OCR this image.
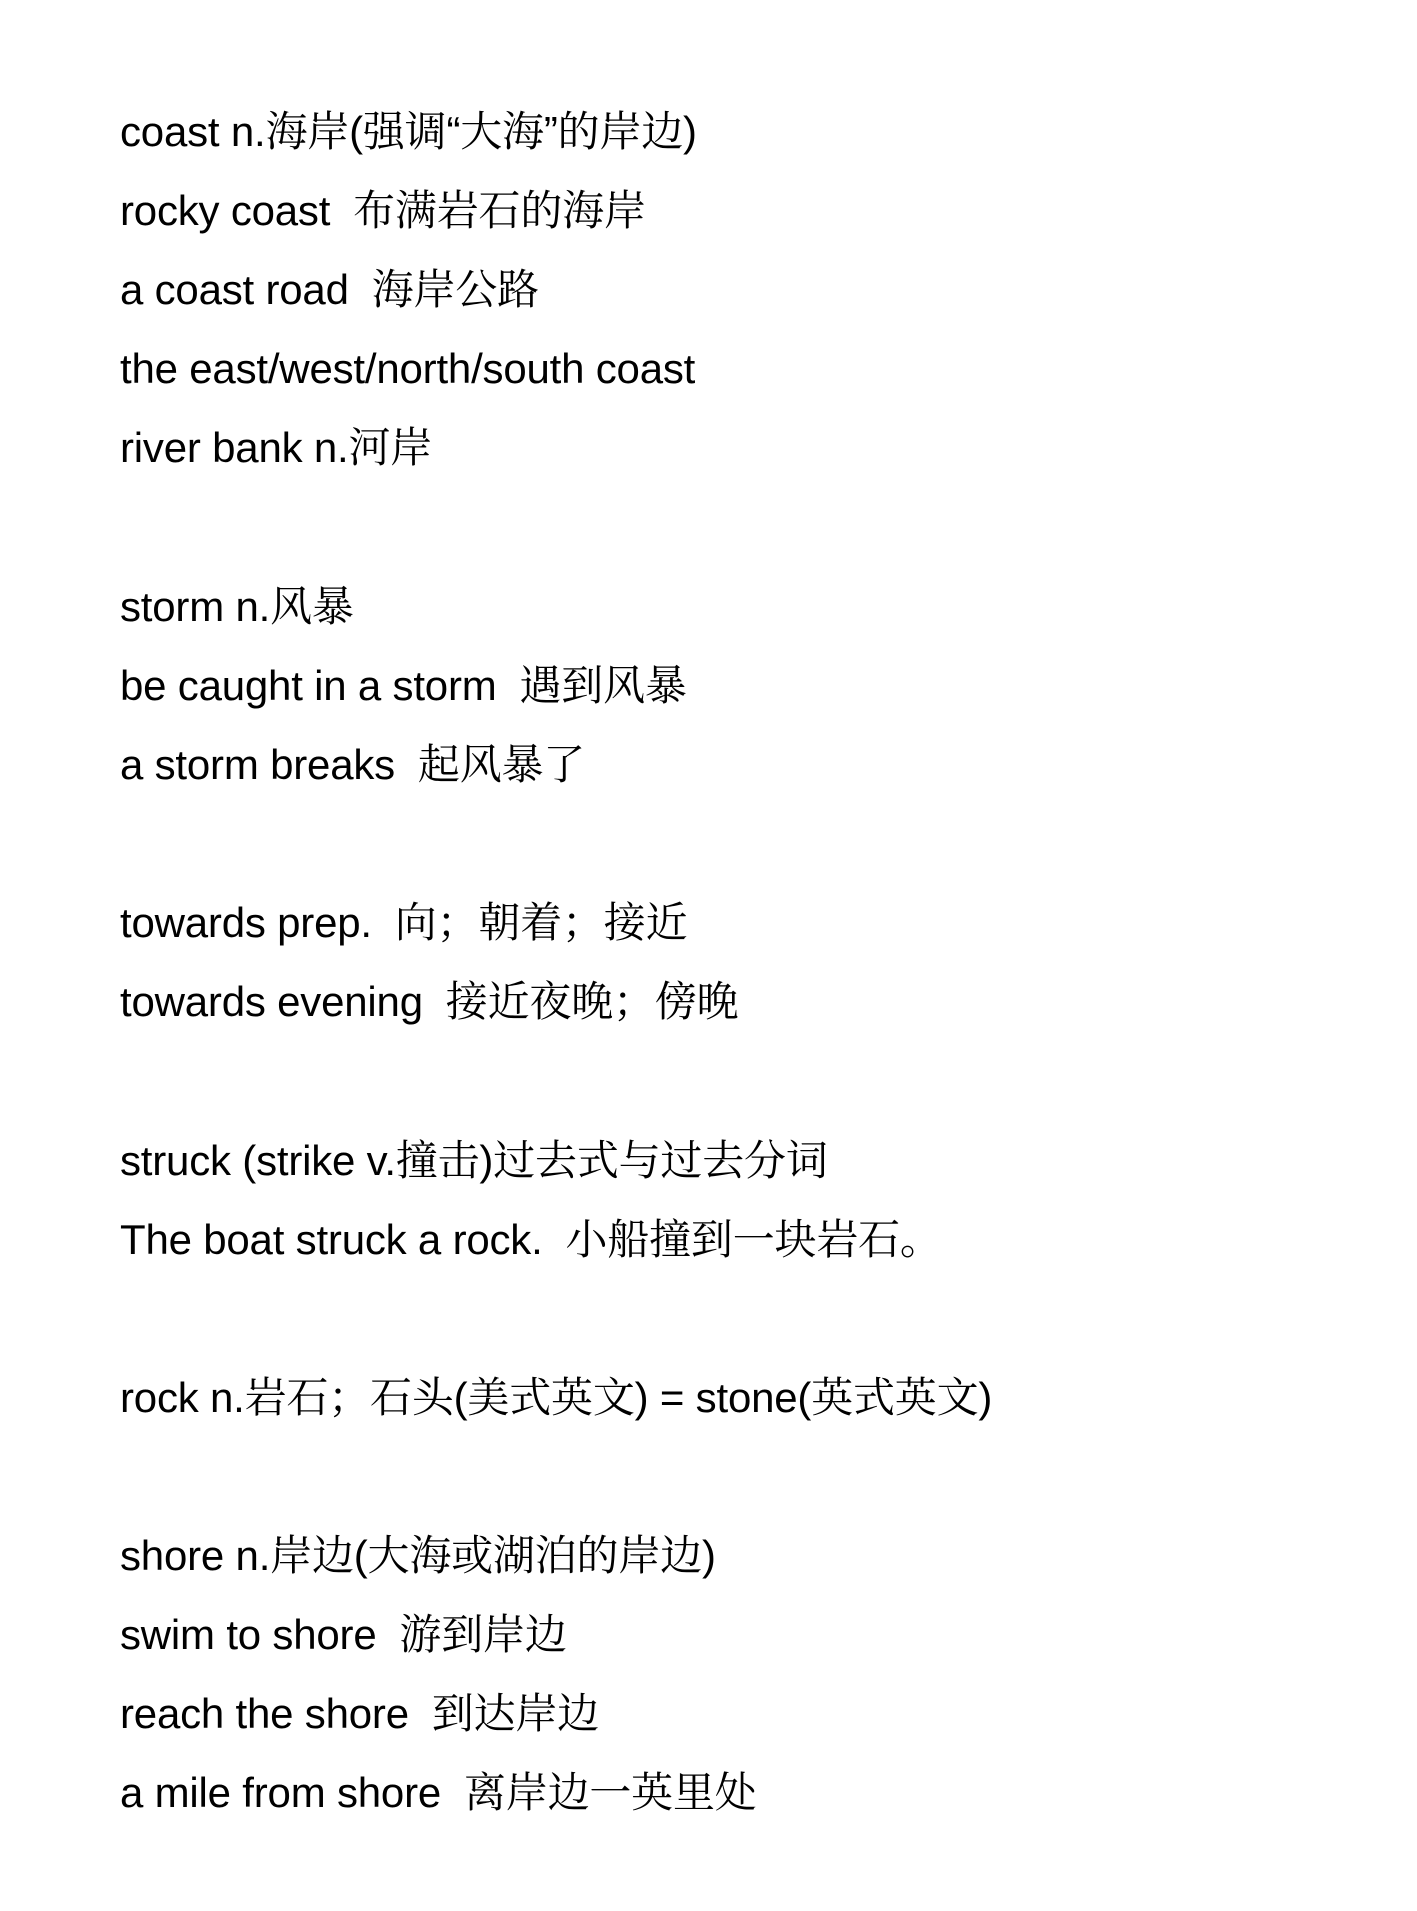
coast n.海岸(强调“大海”的岸边)
rocky coast  布满岩石的海岸
a coast road  海岸公路
the east/west/north/south coast
river bank n.河岸
storm n.风暴
be caught in a storm  遇到风暴
a storm breaks  起风暴了
towards prep.  向；朝着；接近
towards evening  接近夜晚；傍晚
struck (strike v.撞击)过去式与过去分词
The boat struck a rock.  小船撞到一块岩石。
rock n.岩石；石头(美式英文) = stone(英式英文)
shore n.岸边(大海或湖泊的岸边)
swim to shore  游到岸边
reach the shore  到达岸边
a mile from shore  离岸边一英里处
